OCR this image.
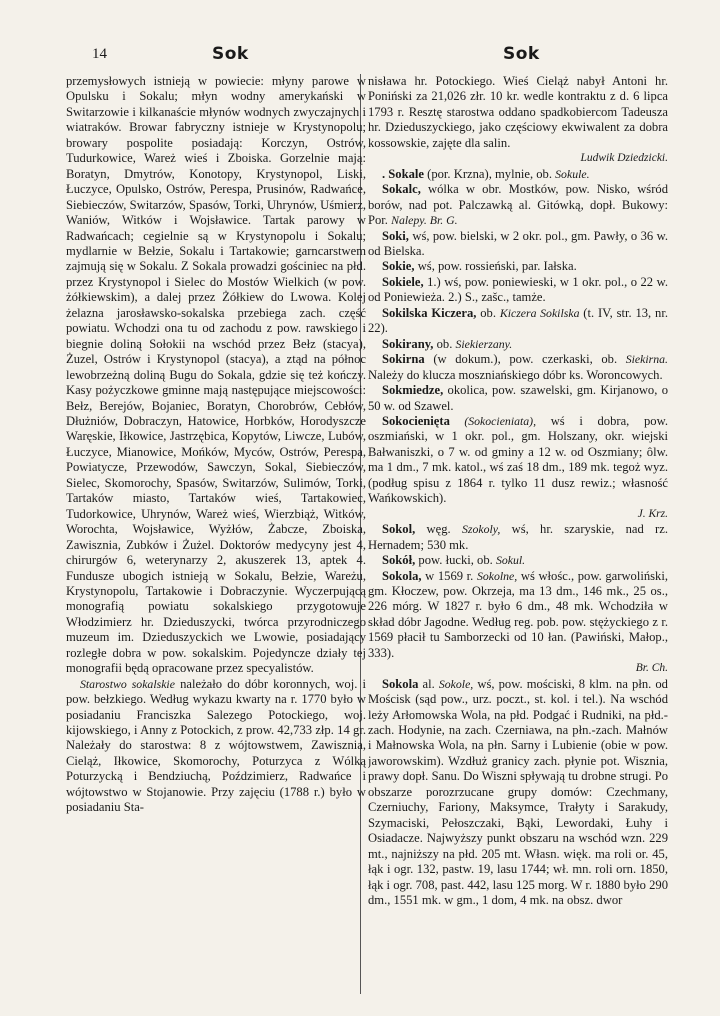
14	Sok	Sok

przemysłowych istnieją w powiecie: młyny parowe w Opulsku i Sokalu; młyn wodny amerykański w Switarzowie i kilkanaście młynów wodnych zwyczajnych i wiatraków. Browar fabryczny istnieje w Krystynopolu; browary pospolite posiadają: Korczyn, Ostrów, Tudurkowice, Wareż wieś i Zboiska. Gorzelnie mają: Boratyn, Dmytrów, Konotopy, Krystynopol, Liski, Łuczyce, Opulsko, Ostrów, Perespa, Prusinów, Radwańce, Siebieczów, Switarzów, Spasów, Torki, Uhrynów, Uśmierz, Waniów, Witków i Wojsławice. Tartak parowy w Radwańcach; cegielnie są w Krystynopolu i Sokalu; mydlarnie w Bełzie, Sokalu i Tartakowie; garncarstwem zajmują się w Sokalu. Z Sokala prowadzi gościniec na płd. przez Krystynopol i Sielec do Mostów Wielkich (w pow. żółkiewskim), a dalej przez Żółkiew do Lwowa. Kolej żelazna jarosławsko-sokalska przebiega zach. część powiatu. Wchodzi ona tu od zachodu z pow. rawskiego i biegnie doliną Sołokii na wschód przez Bełz (stacya), Żuzel, Ostrów i Krystynopol (stacya), a ztąd na północ lewobrzeżną doliną Bugu do Sokala, gdzie się też kończy. Kasy pożyczkowe gminne mają następujące miejscowości: Bełz, Berejów, Bojaniec, Boratyn, Chorobrów, Cebłów, Dłużniów, Dobraczyn, Hatowice, Horbków, Horodyszcze Waręskie, Iłkowice, Jastrzębica, Kopytów, Liwcze, Lubów, Łuczyce, Mianowice, Mońków, Myców, Ostrów, Perespa, Powiatycze, Przewodów, Sawczyn, Sokal, Siebieczów, Sielec, Skomorochy, Spasów, Switarzów, Sulimów, Torki, Tartaków miasto, Tartaków wieś, Tartakowiec, Tudorkowice, Uhrynów, Wareż wieś, Wierzbiąż, Witków, Worochta, Wojsławice, Wyżłów, Żabcze, Zboiska, Zawisznia, Zubków i Żużel. Doktorów medycyny jest 4, chirurgów 6, weterynarzy 2, akuszerek 13, aptek 4. Fundusze ubogich istnieją w Sokalu, Bełzie, Wareżu, Krystynopolu, Tartakowie i Dobraczynie. Wyczerpującą monografią powiatu sokalskiego przygotowuje Włodzimierz hr. Dzieduszycki, twórca przyrodniczego muzeum im. Dzieduszyckich we Lwowie, posiadający rozległe dobra w pow. sokalskim. Pojedyncze działy tej monografii będą opracowane przez specyalistów.

Starostwo sokalskie należało do dóbr koronnych, woj. i pow. bełzkiego. Według wykazu kwarty na r. 1770 było w posiadaniu Franciszka Salezego Potockiego, woj. kijowskiego, i Anny z Potockich, z prow. 42,733 złp. 14 gr. Należały do starostwa: 8 z wójtowstwem, Zawisznia, Cieląż, Iłkowice, Skomorochy, Poturzyca z Wólką Poturzycką i Bendziuchą, Poździmierz, Radwańce i wójtowstwo w Stojanowie. Przy zajęciu (1788 r.) było w posiadaniu Sta-

nisława hr. Potockiego. Wieś Cieląż nabył Antoni hr. Poniński za 21,026 złr. 10 kr. wedle kontraktu z d. 6 lipca 1793 r. Resztę starostwa oddano spadkobiercom Tadeusza hr. Dzieduszyckiego, jako częściowy ekwiwalent za dobra kossowskie, zajęte dla salin.

Ludwik Dziedzicki.

. Sokale (por. Krzna), mylnie, ob. Sokule.

Sokalc, wólka w obr. Mostków, pow. Nisko, wśród borów, nad pot. Palczawką al. Gitówką, dopł. Bukowy: Por. Nalepy. Br. G.

Soki, wś, pow. bielski, w 2 okr. pol., gm. Pawły, o 36 w. od Bielska.

Sokie, wś, pow. rossieński, par. Iałska.

Sokiele, 1.) wś, pow. poniewieski, w 1 okr. pol., o 22 w. od Poniewieża. 2.) S., zašc., tamże.

Sokilska Kiczera, ob. Kiczera Sokilska (t. IV, str. 13, nr. 22).

Sokirany, ob. Siekierzany.

Sokirna (w dokum.), pow. czerkaski, ob. Siekirna. Należy do klucza moszniańskiego dóbr ks. Woroncowych.

Sokmiedze, okolica, pow. szawelski, gm. Kirjanowo, o 50 w. od Szawel.

Sokocienięta (Sokocieniata), wś i dobra, pow. oszmiański, w 1 okr. pol., gm. Holszany, okr. wiejski Bałwaniszki, o 7 w. od gminy a 12 w. od Oszmiany; ôlw. ma 1 dm., 7 mk. katol., wś zaś 18 dm., 189 mk. tegoż wyz. (podług spisu z 1864 r. tylko 11 dusz rewiz.; własność Wańkowskich).

J. Krz.

Sokol, węg. Szokoly, wś, hr. szaryskie, nad rz. Hernadem; 530 mk.

Sokół, pow. łucki, ob. Sokul.

Sokola, w 1569 r. Sokolne, wś włośc., pow. garwoliński, gm. Kłoczew, pow. Okrzeja, ma 13 dm., 146 mk., 25 os., 226 mórg. W 1827 r. było 6 dm., 48 mk. Wchodziła w skład dóbr Jagodne. Według reg. pob. pow. stężyckiego z r. 1569 płacił tu Samborzecki od 10 łan. (Pawiński, Małop., 333).

Br. Ch.

Sokola al. Sokole, wś, pow. mościski, 8 klm. na płn. od Mościsk (sąd pow., urz. poczt., st. kol. i tel.). Na wschód leży Arłomowska Wola, na płd. Podgać i Rudniki, na płd.-zach. Hodynie, na zach. Czerniawa, na płn.-zach. Małnów i Małnowska Wola, na płn. Sarny i Lubienie (obie w pow. jaworowskim). Wzdłuż granicy zach. płynie pot. Wisznia, prawy dopł. Sanu. Do Wiszni spływają tu drobne strugi. Po obszarze porozrzucane grupy domów: Czechmany, Czerniuchy, Fariony, Maksymce, Trałyty i Sarakudy, Szymaciski, Pełoszczaki, Bąki, Lewordaki, Łuhy i Osiadacze. Najwyższy punkt obszaru na wschód wzn. 229 mt., najniższy na płd. 205 mt. Własn. więk. ma roli or. 45, łąk i ogr. 132, pastw. 19, lasu 1744; wł. mn. roli orn. 1850, łąk i ogr. 708, past. 442, lasu 125 morg. W r. 1880 było 290 dm., 1551 mk. w gm., 1 dom, 4 mk. na obsz. dwor
